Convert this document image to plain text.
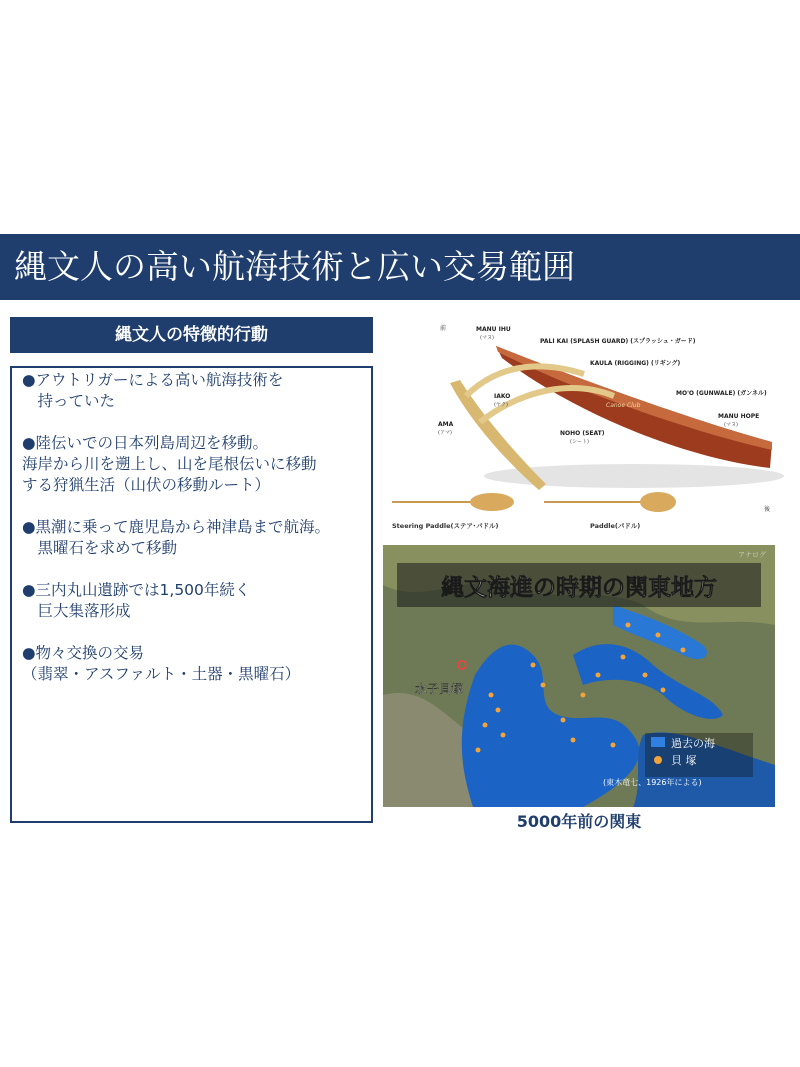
縄文人の高い航海技術と広い交易範囲
縄文人の特徴的行動
●アウトリガーによる高い航海技術を
　持っていた
●陸伝いでの日本列島周辺を移動。
海岸から川を遡上し、山を尾根伝いに移動
する狩猟生活（山伏の移動ルート）
●黒潮に乗って鹿児島から神津島まで航海。
　黒曜石を求めて移動
●三内丸山遺跡では1,500年続く
　巨大集落形成
●物々交換の交易
（翡翠・アスファルト・土器・黒曜石）
Canoe Club
前
後
MANU IHU
(マヌ)	PALI KAI (SPLASH GUARD) (スプラッシュ・ガード)
KAULA (RIGGING) (リギング)
MO'O (GUNWALE) (ガンネル)
MANU HOPE
(マヌ)
IAKO
(ヤク)
AMA
(アマ)	NOHO (SEAT)
(シート)
Steering Paddle(ステア･パドル)	Paddle(パドル)
縄文海進の時期の関東地方
アナログ
水子貝塚
過去の海
貝 塚
(東木竜七、1926年による)
5000年前の関東
